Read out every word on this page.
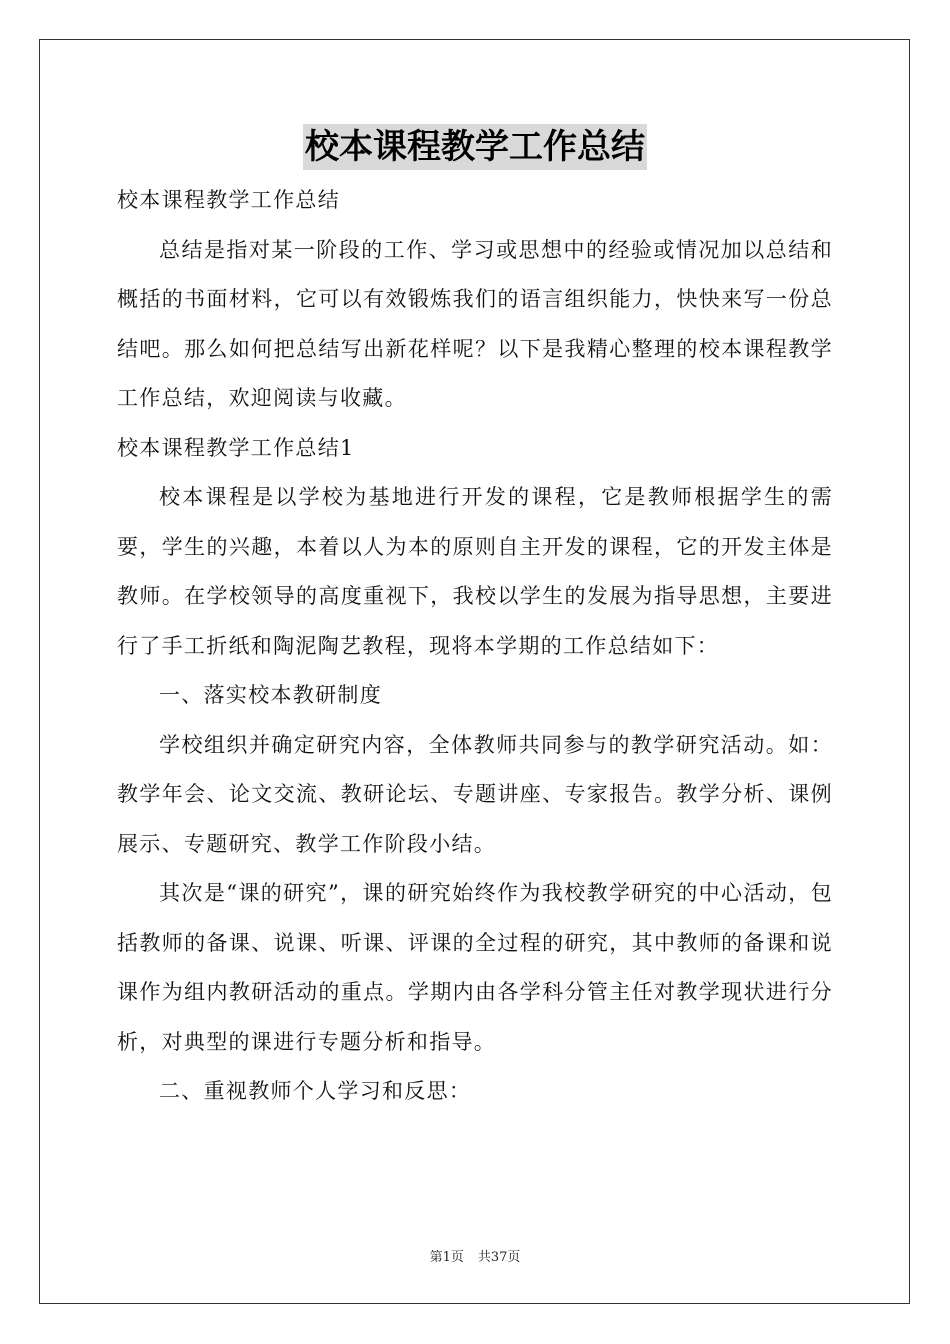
校本课程教学工作总结

校本课程教学工作总结

总结是指对某一阶段的工作、学习或思想中的经验或情况加以总结和概括的书面材料，它可以有效锻炼我们的语言组织能力，快快来写一份总结吧。那么如何把总结写出新花样呢？以下是我精心整理的校本课程教学工作总结，欢迎阅读与收藏。

校本课程教学工作总结1

校本课程是以学校为基地进行开发的课程，它是教师根据学生的需要，学生的兴趣，本着以人为本的原则自主开发的课程，它的开发主体是教师。在学校领导的高度重视下，我校以学生的发展为指导思想，主要进行了手工折纸和陶泥陶艺教程，现将本学期的工作总结如下：

一、落实校本教研制度

学校组织并确定研究内容，全体教师共同参与的教学研究活动。如：教学年会、论文交流、教研论坛、专题讲座、专家报告。教学分析、课例展示、专题研究、教学工作阶段小结。

其次是“课的研究”，课的研究始终作为我校教学研究的中心活动，包括教师的备课、说课、听课、评课的全过程的研究，其中教师的备课和说课作为组内教研活动的重点。学期内由各学科分管主任对教学现状进行分析，对典型的课进行专题分析和指导。

二、重视教师个人学习和反思：

第1页 共37页
